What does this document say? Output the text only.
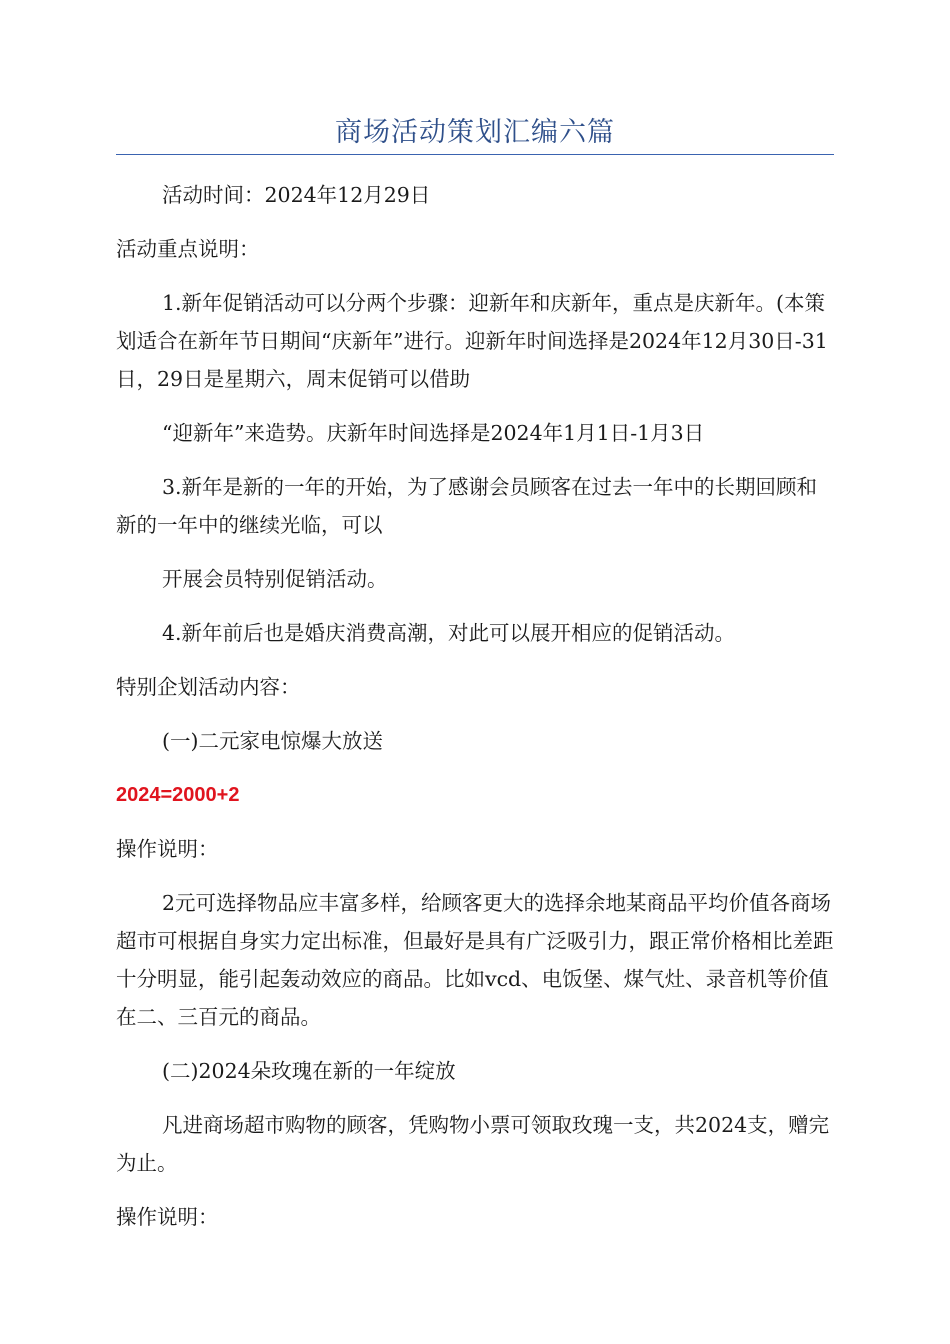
商场活动策划汇编六篇

活动时间：2024年12月29日

活动重点说明：

1.新年促销活动可以分两个步骤：迎新年和庆新年，重点是庆新年。(本策划适合在新年节日期间“庆新年”进行。迎新年时间选择是2024年12月30日-31日，29日是星期六，周末促销可以借助

“迎新年”来造势。庆新年时间选择是2024年1月1日-1月3日

3.新年是新的一年的开始，为了感谢会员顾客在过去一年中的长期回顾和新的一年中的继续光临，可以

开展会员特别促销活动。

4.新年前后也是婚庆消费高潮，对此可以展开相应的促销活动。

特别企划活动内容：

(一)二元家电惊爆大放送

2024=2000+2

操作说明：

2元可选择物品应丰富多样，给顾客更大的选择余地某商品平均价值各商场超市可根据自身实力定出标准，但最好是具有广泛吸引力，跟正常价格相比差距十分明显，能引起轰动效应的商品。比如vcd、电饭堡、煤气灶、录音机等价值在二、三百元的商品。

(二)2024朵玫瑰在新的一年绽放

凡进商场超市购物的顾客，凭购物小票可领取玫瑰一支，共2024支，赠完为止。

操作说明：
